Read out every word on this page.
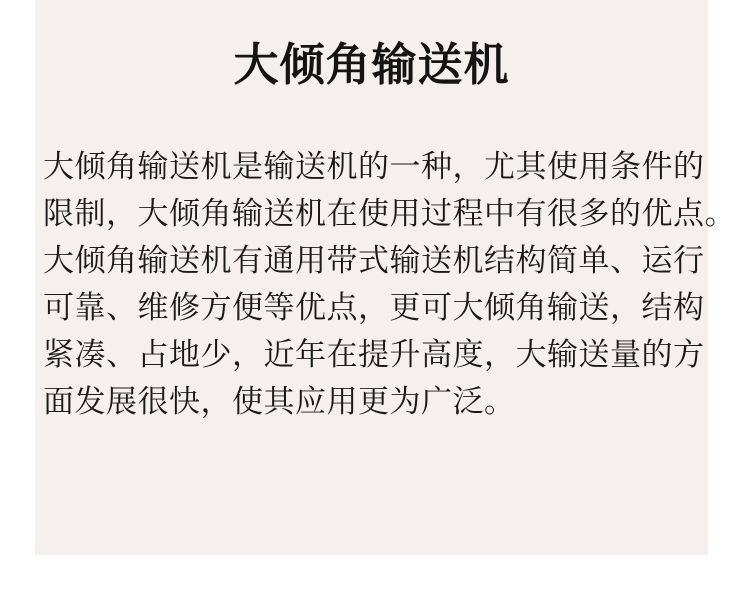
大倾角输送机
大倾角输送机是输送机的一种，尤其使用条件的
限制，大倾角输送机在使用过程中有很多的优点。
大倾角输送机有通用带式输送机结构简单、运行
可靠、维修方便等优点，更可大倾角输送，结构
紧凑、占地少，近年在提升高度，大输送量的方
面发展很快，使其应用更为广泛。
